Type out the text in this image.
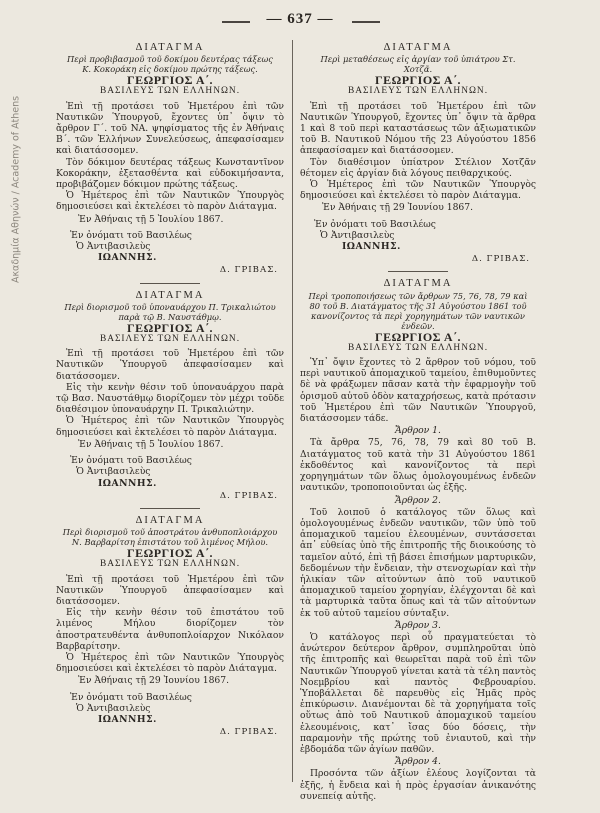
— 637 —
Ακαδημία Αθηνών / Academy of Athens
ΔΙΑΤΑΓΜΑ
Περὶ προβιβασμοῦ τοῦ δοκίμου δευτέρας τάξεως Κ. Κοκοράκη εἰς δοκίμου πρώτης τάξεως.
ΓΕΩΡΓΙΟΣ Α΄.
ΒΑΣΙΛΕΥΣ ΤΩΝ ΕΛΛΗΝΩΝ.

Ἐπὶ τῇ προτάσει τοῦ Ἡμετέρου ἐπὶ τῶν Ναυτικῶν Ὑπουργοῦ, ἔχοντες ὑπ᾽ ὄψιν τὸ ἄρθρον Γ΄. τοῦ ΝΑ. ψηφίσματος τῆς ἐν Ἀθήναις Β΄. τῶν Ἑλλήνων Συνελεύσεως, ἀπεφασίσαμεν καὶ διατάσσομεν.

Τὸν δόκιμον δευτέρας τάξεως Κωνσταντῖνον Κοκοράκην, ἐξετασθέντα καὶ εὐδοκιμήσαντα, προβιβάζομεν δόκιμον πρώτης τάξεως.

Ὁ Ἡμέτερος ἐπὶ τῶν Ναυτικῶν Ὑπουργὸς δημοσιεύσει καὶ ἐκτελέσει τὸ παρὸν Διάταγμα.

Ἐν Ἀθήναις τῇ 5 Ἰουλίου 1867.
Ἐν ὀνόματι τοῦ Βασιλέως
Ὁ Ἀντιβασιλεὺς
ΙΩΑΝΝΗΣ.
Δ. ΓΡΙΒΑΣ.
ΔΙΑΤΑΓΜΑ
Περὶ διορισμοῦ τοῦ ὑποναυάρχου Π. Τρικαλιώτου παρὰ τῷ Β. Ναυστάθμῳ.
ΓΕΩΡΓΙΟΣ Α΄.
ΒΑΣΙΛΕΥΣ ΤΩΝ ΕΛΛΗΝΩΝ.

Ἐπὶ τῇ προτάσει τοῦ Ἡμετέρου ἐπὶ τῶν Ναυτικῶν Ὑπουργοῦ ἀπεφασίσαμεν καὶ διατάσσομεν.

Εἰς τὴν κενὴν θέσιν τοῦ ὑποναυάρχου παρὰ τῷ Βασ. Ναυστάθμῳ διορίζομεν τὸν μέχρι τοῦδε διαθέσιμον ὑποναυάρχην Π. Τρικαλιώτην.

Ὁ Ἡμέτερος ἐπὶ τῶν Ναυτικῶν Ὑπουργὸς δημοσιεύσει καὶ ἐκτελέσει τὸ παρὸν Διάταγμα.

Ἐν Ἀθήναις τῇ 5 Ἰουλίου 1867.
Ἐν ὀνόματι τοῦ Βασιλέως
Ὁ Ἀντιβασιλεὺς
ΙΩΑΝΝΗΣ.
Δ. ΓΡΙΒΑΣ.
ΔΙΑΤΑΓΜΑ
Περὶ διορισμοῦ τοῦ ἀποστράτου ἀνθυποπλοιάρχου Ν. Βαρβαρίτση ἐπιστάτου τοῦ λιμένος Μήλου.
ΓΕΩΡΓΙΟΣ Α΄.
ΒΑΣΙΛΕΥΣ ΤΩΝ ΕΛΛΗΝΩΝ.

Ἐπὶ τῇ προτάσει τοῦ Ἡμετέρου ἐπὶ τῶν Ναυτικῶν Ὑπουργοῦ ἀπεφασίσαμεν καὶ διατάσσομεν.

Εἰς τὴν κενὴν θέσιν τοῦ ἐπιστάτου τοῦ λιμένος Μήλου διορίζομεν τὸν ἀποστρατευθέντα ἀνθυποπλοίαρχον Νικόλαον Βαρβαρίτσην.

Ὁ Ἡμέτερος ἐπὶ τῶν Ναυτικῶν Ὑπουργὸς δημοσιεύσει καὶ ἐκτελέσει τὸ παρὸν Διάταγμα.

Ἐν Ἀθήναις τῇ 29 Ἰουνίου 1867.
Ἐν ὀνόματι τοῦ Βασιλέως
Ὁ Ἀντιβασιλεὺς
ΙΩΑΝΝΗΣ.
Δ. ΓΡΙΒΑΣ.
ΔΙΑΤΑΓΜΑ
Περὶ μεταθέσεως εἰς ἀργίαν τοῦ ὑπιάτρου Στ. Χοτζᾶ.
ΓΕΩΡΓΙΟΣ Α΄.
ΒΑΣΙΛΕΥΣ ΤΩΝ ΕΛΛΗΝΩΝ.

Ἐπὶ τῇ προτάσει τοῦ Ἡμετέρου ἐπὶ τῶν Ναυτικῶν Ὑπουργοῦ, ἔχοντες ὑπ᾽ ὄψιν τὰ ἄρθρα 1 καὶ 8 τοῦ περὶ καταστάσεως τῶν ἀξιωματικῶν τοῦ Β. Ναυτικοῦ Νόμου τῆς 23 Αὐγούστου 1856 ἀπεφασίσαμεν καὶ διατάσσομεν.

Τὸν διαθέσιμον ὑπίατρον Στέλιον Χοτζᾶν θέτομεν εἰς ἀργίαν διὰ λόγους πειθαρχικούς.

Ὁ Ἡμέτερος ἐπὶ τῶν Ναυτικῶν Ὑπουργὸς δημοσιεύσει καὶ ἐκτελέσει τὸ παρὸν Διάταγμα.

Ἐν Ἀθήναις τῇ 29 Ἰουνίου 1867.
Ἐν ὀνόματι τοῦ Βασιλέως
Ὁ Ἀντιβασιλεὺς
ΙΩΑΝΝΗΣ.
Δ. ΓΡΙΒΑΣ.
ΔΙΑΤΑΓΜΑ
Περὶ τροποποιήσεως τῶν ἄρθρων 75, 76, 78, 79 καὶ 80 τοῦ Β. Διατάγματος τῆς 31 Αὐγούστου 1861 τοῦ κανονίζοντος τὰ περὶ χορηγημάτων τῶν ναυτικῶν ἐνδεῶν.
ΓΕΩΡΓΙΟΣ Α΄.
ΒΑΣΙΛΕΥΣ ΤΩΝ ΕΛΛΗΝΩΝ.

Ὑπ᾽ ὄψιν ἔχοντες τὸ 2 ἄρθρον τοῦ νόμου, τοῦ περὶ ναυτικοῦ ἀπομαχικοῦ ταμείου, ἐπιθυμοῦντες δὲ νὰ φράξωμεν πᾶσαν κατὰ τὴν ἐφαρμογὴν τοῦ ὁρισμοῦ αὐτοῦ ὁδὸν καταχρήσεως, κατὰ πρότασιν τοῦ Ἡμετέρου ἐπὶ τῶν Ναυτικῶν Ὑπουργοῦ, διατάσσομεν τάδε.

Ἄρθρον 1.

Τὰ ἄρθρα 75, 76, 78, 79 καὶ 80 τοῦ Β. Διατάγματος τοῦ κατὰ τὴν 31 Αὐγούστου 1861 ἐκδοθέντος καὶ κανονίζοντος τὰ περὶ χορηγημάτων τῶν ὅλως ὁμολογουμένως ἐνδεῶν ναυτικῶν, τροποποιοῦνται ὡς ἑξῆς.

Ἄρθρον 2.

Τοῦ λοιποῦ ὁ κατάλογος τῶν ὅλως καὶ ὁμολογουμένως ἐνδεῶν ναυτικῶν, τῶν ὑπὸ τοῦ ἀπομαχικοῦ ταμείου ἐλεουμένων, συντάσσεται ἀπ᾽ εὐθείας ὑπὸ τῆς ἐπιτροπῆς τῆς διοικούσης τὸ ταμεῖον αὐτό, ἐπὶ τῇ βάσει ἐπισήμων μαρτυρικῶν, δεδομένων τὴν ἔνδειαν, τὴν στενοχωρίαν καὶ τὴν ἡλικίαν τῶν αἰτούντων ἀπὸ τοῦ ναυτικοῦ ἀπομαχικοῦ ταμείου χορηγίαν, ἐλέγχονται δὲ καὶ τὰ μαρτυρικὰ ταῦτα ὅπως καὶ τὰ τῶν αἰτούντων ἐκ τοῦ αὐτοῦ ταμείου σύνταξιν.

Ἄρθρον 3.

Ὁ κατάλογος περὶ οὗ πραγματεύεται τὸ ἀνώτερον δεύτερον ἄρθρον, συμπληροῦται ὑπὸ τῆς ἐπιτροπῆς καὶ θεωρεῖται παρὰ τοῦ ἐπὶ τῶν Ναυτικῶν Ὑπουργοῦ γίνεται κατὰ τὰ τέλη παντὸς Νοεμβρίου καὶ παντὸς Φεβρουαρίου. Ὑποβάλλεται δὲ παρευθὺς εἰς Ἡμᾶς πρὸς ἐπικύρωσιν. Διανέμονται δὲ τὰ χορηγήματα τοῖς οὕτως ἀπὸ τοῦ Ναυτικοῦ ἀπομαχικοῦ ταμείου ἐλεουμένοις, κατ᾽ ἴσας δύο δόσεις, τὴν παραμονὴν τῆς πρώτης τοῦ ἐνιαυτοῦ, καὶ τὴν ἑβδομάδα τῶν ἁγίων παθῶν.

Ἄρθρον 4.

Προσόντα τῶν ἀξίων ἐλέους λογίζονται τὰ ἑξῆς, ἡ ἔνδεια καὶ ἡ πρὸς ἐργασίαν ἀνικανότης συνεπείᾳ αὐτῆς.
